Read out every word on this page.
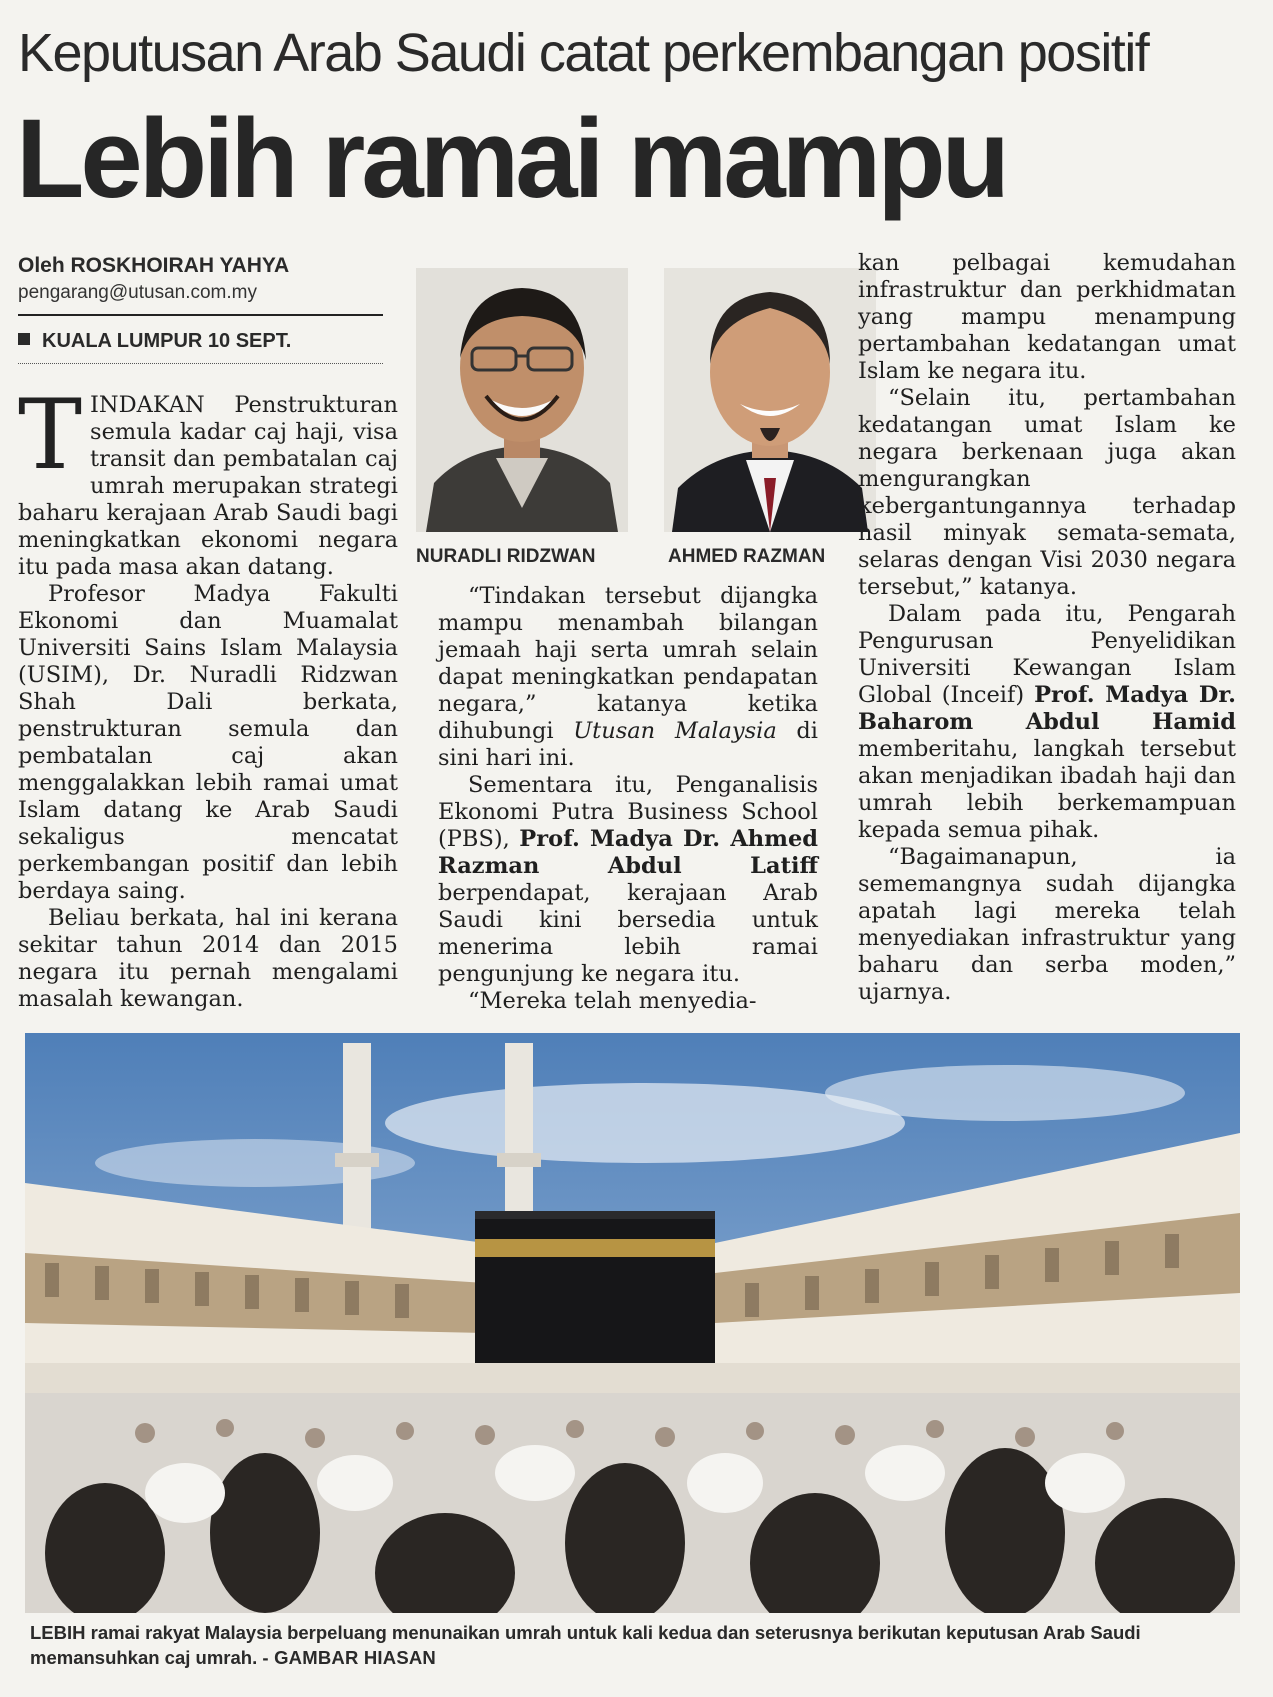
Keputusan Arab Saudi catat perkembangan positif
Lebih ramai mampu
Oleh ROSKHOIRAH YAHYA
pengarang@utusan.com.my
KUALA LUMPUR 10 SEPT.

TINDAKAN Penstrukturan semula kadar caj haji, visa transit dan pembatalan caj umrah merupakan strategi baharu kerajaan Arab Saudi bagi meningkatkan ekonomi negara itu pada masa akan datang.

Profesor Madya Fakulti Ekonomi dan Muamalat Universiti Sains Islam Malaysia (USIM), Dr. Nuradli Ridzwan Shah Dali berkata, penstrukturan semula dan pembatalan caj akan menggalakkan lebih ramai umat Islam datang ke Arab Saudi sekaligus mencatat perkembangan positif dan lebih berdaya saing.

Beliau berkata, hal ini kerana sekitar tahun 2014 dan 2015 negara itu pernah mengalami masalah kewangan.

NURADLI RIDZWAN	AHMED RAZMAN

“Tindakan tersebut dijangka mampu menambah bilangan jemaah haji serta umrah selain dapat meningkatkan pendapatan negara,” katanya ketika dihubungi Utusan Malaysia di sini hari ini.

Sementara itu, Penganalisis Ekonomi Putra Business School (PBS), Prof. Madya Dr. Ahmed Razman Abdul Latiff berpendapat, kerajaan Arab Saudi kini bersedia untuk menerima lebih ramai pengunjung ke negara itu.

“Mereka telah menyedia-

kan pelbagai kemudahan infrastruktur dan perkhidmatan yang mampu menampung pertambahan kedatangan umat Islam ke negara itu.

“Selain itu, pertambahan kedatangan umat Islam ke negara berkenaan juga akan mengurangkan kebergantungannya terhadap hasil minyak semata-semata, selaras dengan Visi 2030 negara tersebut,” katanya.

Dalam pada itu, Pengarah Pengurusan Penyelidikan Universiti Kewangan Islam Global (Inceif) Prof. Madya Dr. Baharom Abdul Hamid memberitahu, langkah tersebut akan menjadikan ibadah haji dan umrah lebih berkemampuan kepada semua pihak.

“Bagaimanapun, ia sememangnya sudah dijangka apatah lagi mereka telah menyediakan infrastruktur yang baharu dan serba moden,” ujarnya.

LEBIH ramai rakyat Malaysia berpeluang menunaikan umrah untuk kali kedua dan seterusnya berikutan keputusan Arab Saudi memansuhkan caj umrah. - GAMBAR HIASAN
